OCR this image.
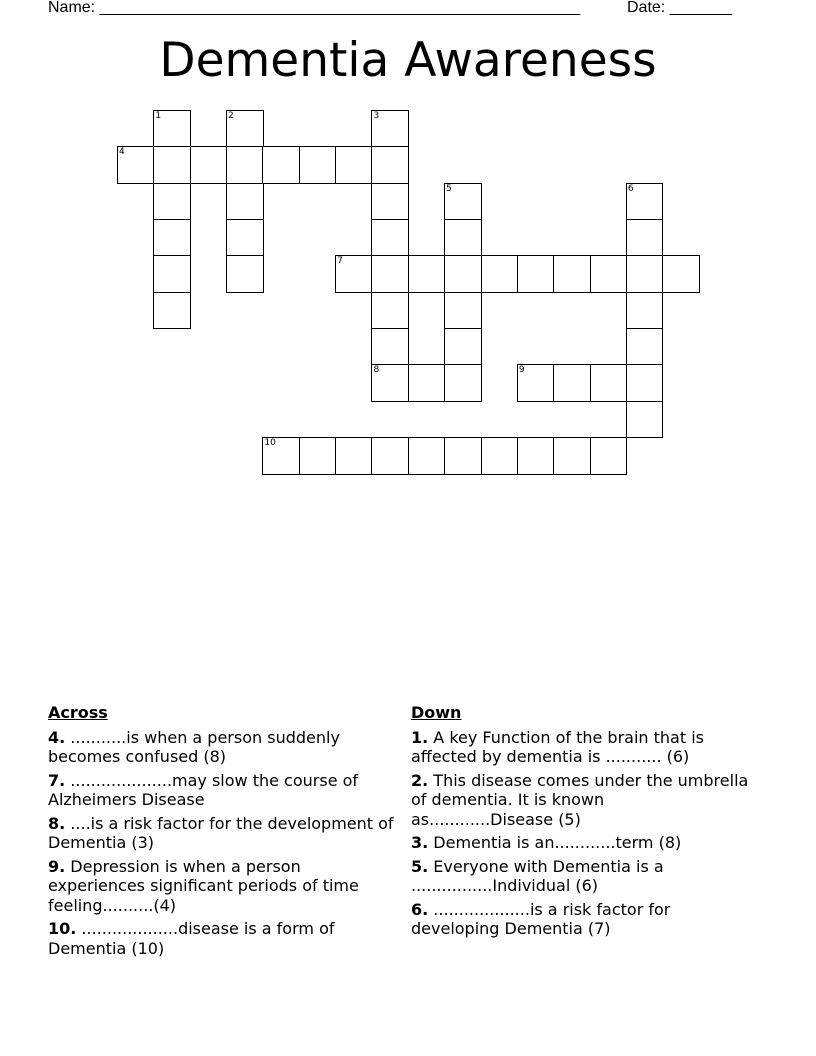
Name: ______________________________________________________	Date: _______
Dementia Awareness
1	2	3
4
5	6
7
8	9
10
Across
4. ...........is when a person suddenly becomes confused (8)
7. ....................may slow the course of Alzheimers Disease
8. ....is a risk factor for the development of Dementia (3)
9. Depression is when a person experiences significant periods of time feeling..........(4)
10. ...................disease is a form of Dementia (10)
Down
1. A key Function of the brain that is affected by dementia is ........... (6)
2. This disease comes under the umbrella of dementia. It is known as............Disease (5)
3. Dementia is an............term (8)
5. Everyone with Dementia is a ................Individual (6)
6. ...................is a risk factor for developing Dementia (7)
